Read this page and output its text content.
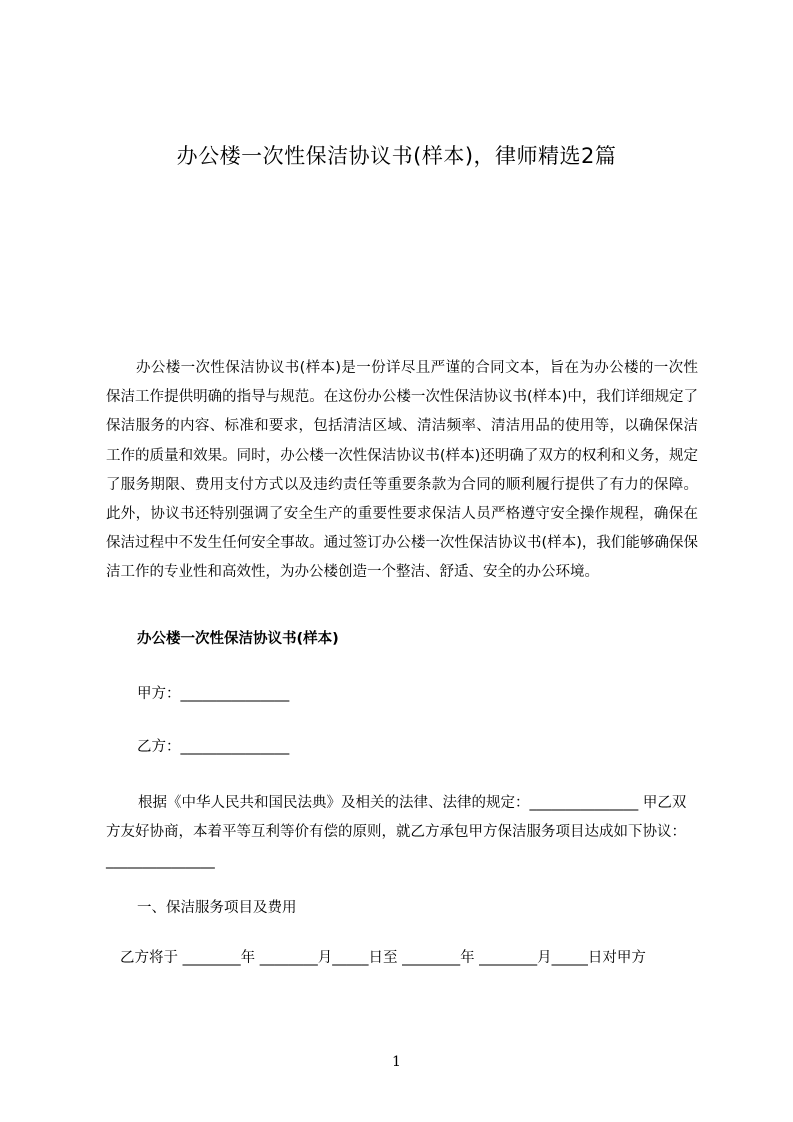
办公楼一次性保洁协议书(样本)，律师精选2篇

办公楼一次性保洁协议书(样本)是一份详尽且严谨的合同文本，旨在为办公楼的一次性保洁工作提供明确的指导与规范。在这份办公楼一次性保洁协议书(样本)中，我们详细规定了保洁服务的内容、标准和要求，包括清洁区域、清洁频率、清洁用品的使用等，以确保保洁工作的质量和效果。同时，办公楼一次性保洁协议书(样本)还明确了双方的权利和义务，规定了服务期限、费用支付方式以及违约责任等重要条款为合同的顺利履行提供了有力的保障。此外，协议书还特别强调了安全生产的重要性要求保洁人员严格遵守安全操作规程，确保在保洁过程中不发生任何安全事故。通过签订办公楼一次性保洁协议书(样本)，我们能够确保保洁工作的专业性和高效性，为办公楼创造一个整洁、舒适、安全的办公环境。

办公楼一次性保洁协议书(样本)
甲方：_______________
乙方：_______________

根据《中华人民共和国民法典》及相关的法律、法律的规定：_______________ 甲乙双方友好协商，本着平等互利等价有偿的原则，就乙方承包甲方保洁服务项目达成如下协议：_______________

一、保洁服务项目及费用

乙方将于 ________年 ________月_____日至 ________年 ________月_____日对甲方

1
